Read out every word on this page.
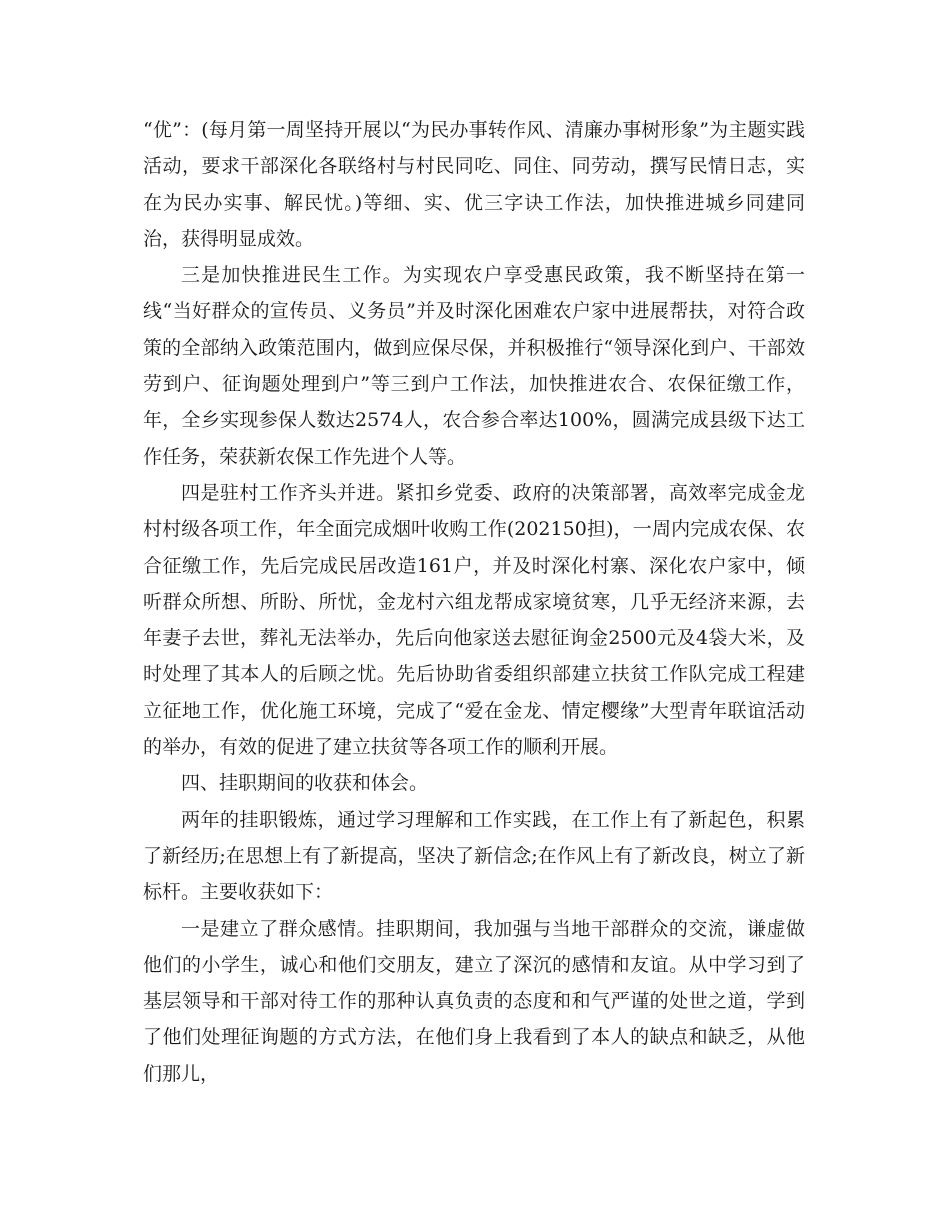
“优”：(每月第一周坚持开展以“为民办事转作风、清廉办事树形象”为主题实践活动，要求干部深化各联络村与村民同吃、同住、同劳动，撰写民情日志，实在为民办实事、解民忧。)等细、实、优三字诀工作法，加快推进城乡同建同治，获得明显成效。

三是加快推进民生工作。为实现农户享受惠民政策，我不断坚持在第一线“当好群众的宣传员、义务员”并及时深化困难农户家中进展帮扶，对符合政策的全部纳入政策范围内，做到应保尽保，并积极推行“领导深化到户、干部效劳到户、征询题处理到户”等三到户工作法，加快推进农合、农保征缴工作，年，全乡实现参保人数达2574人，农合参合率达100%，圆满完成县级下达工作任务，荣获新农保工作先进个人等。

四是驻村工作齐头并进。紧扣乡党委、政府的决策部署，高效率完成金龙村村级各项工作，年全面完成烟叶收购工作(202150担)，一周内完成农保、农合征缴工作，先后完成民居改造161户，并及时深化村寨、深化农户家中，倾听群众所想、所盼、所忧，金龙村六组龙帮成家境贫寒，几乎无经济来源，去年妻子去世，葬礼无法举办，先后向他家送去慰征询金2500元及4袋大米，及时处理了其本人的后顾之忧。先后协助省委组织部建立扶贫工作队完成工程建立征地工作，优化施工环境，完成了“爱在金龙、情定樱缘”大型青年联谊活动的举办，有效的促进了建立扶贫等各项工作的顺利开展。

四、挂职期间的收获和体会。

两年的挂职锻炼，通过学习理解和工作实践，在工作上有了新起色，积累了新经历;在思想上有了新提高，坚决了新信念;在作风上有了新改良，树立了新标杆。主要收获如下：

一是建立了群众感情。挂职期间，我加强与当地干部群众的交流，谦虚做他们的小学生，诚心和他们交朋友，建立了深沉的感情和友谊。从中学习到了基层领导和干部对待工作的那种认真负责的态度和和气严谨的处世之道，学到了他们处理征询题的方式方法，在他们身上我看到了本人的缺点和缺乏，从他们那儿，
